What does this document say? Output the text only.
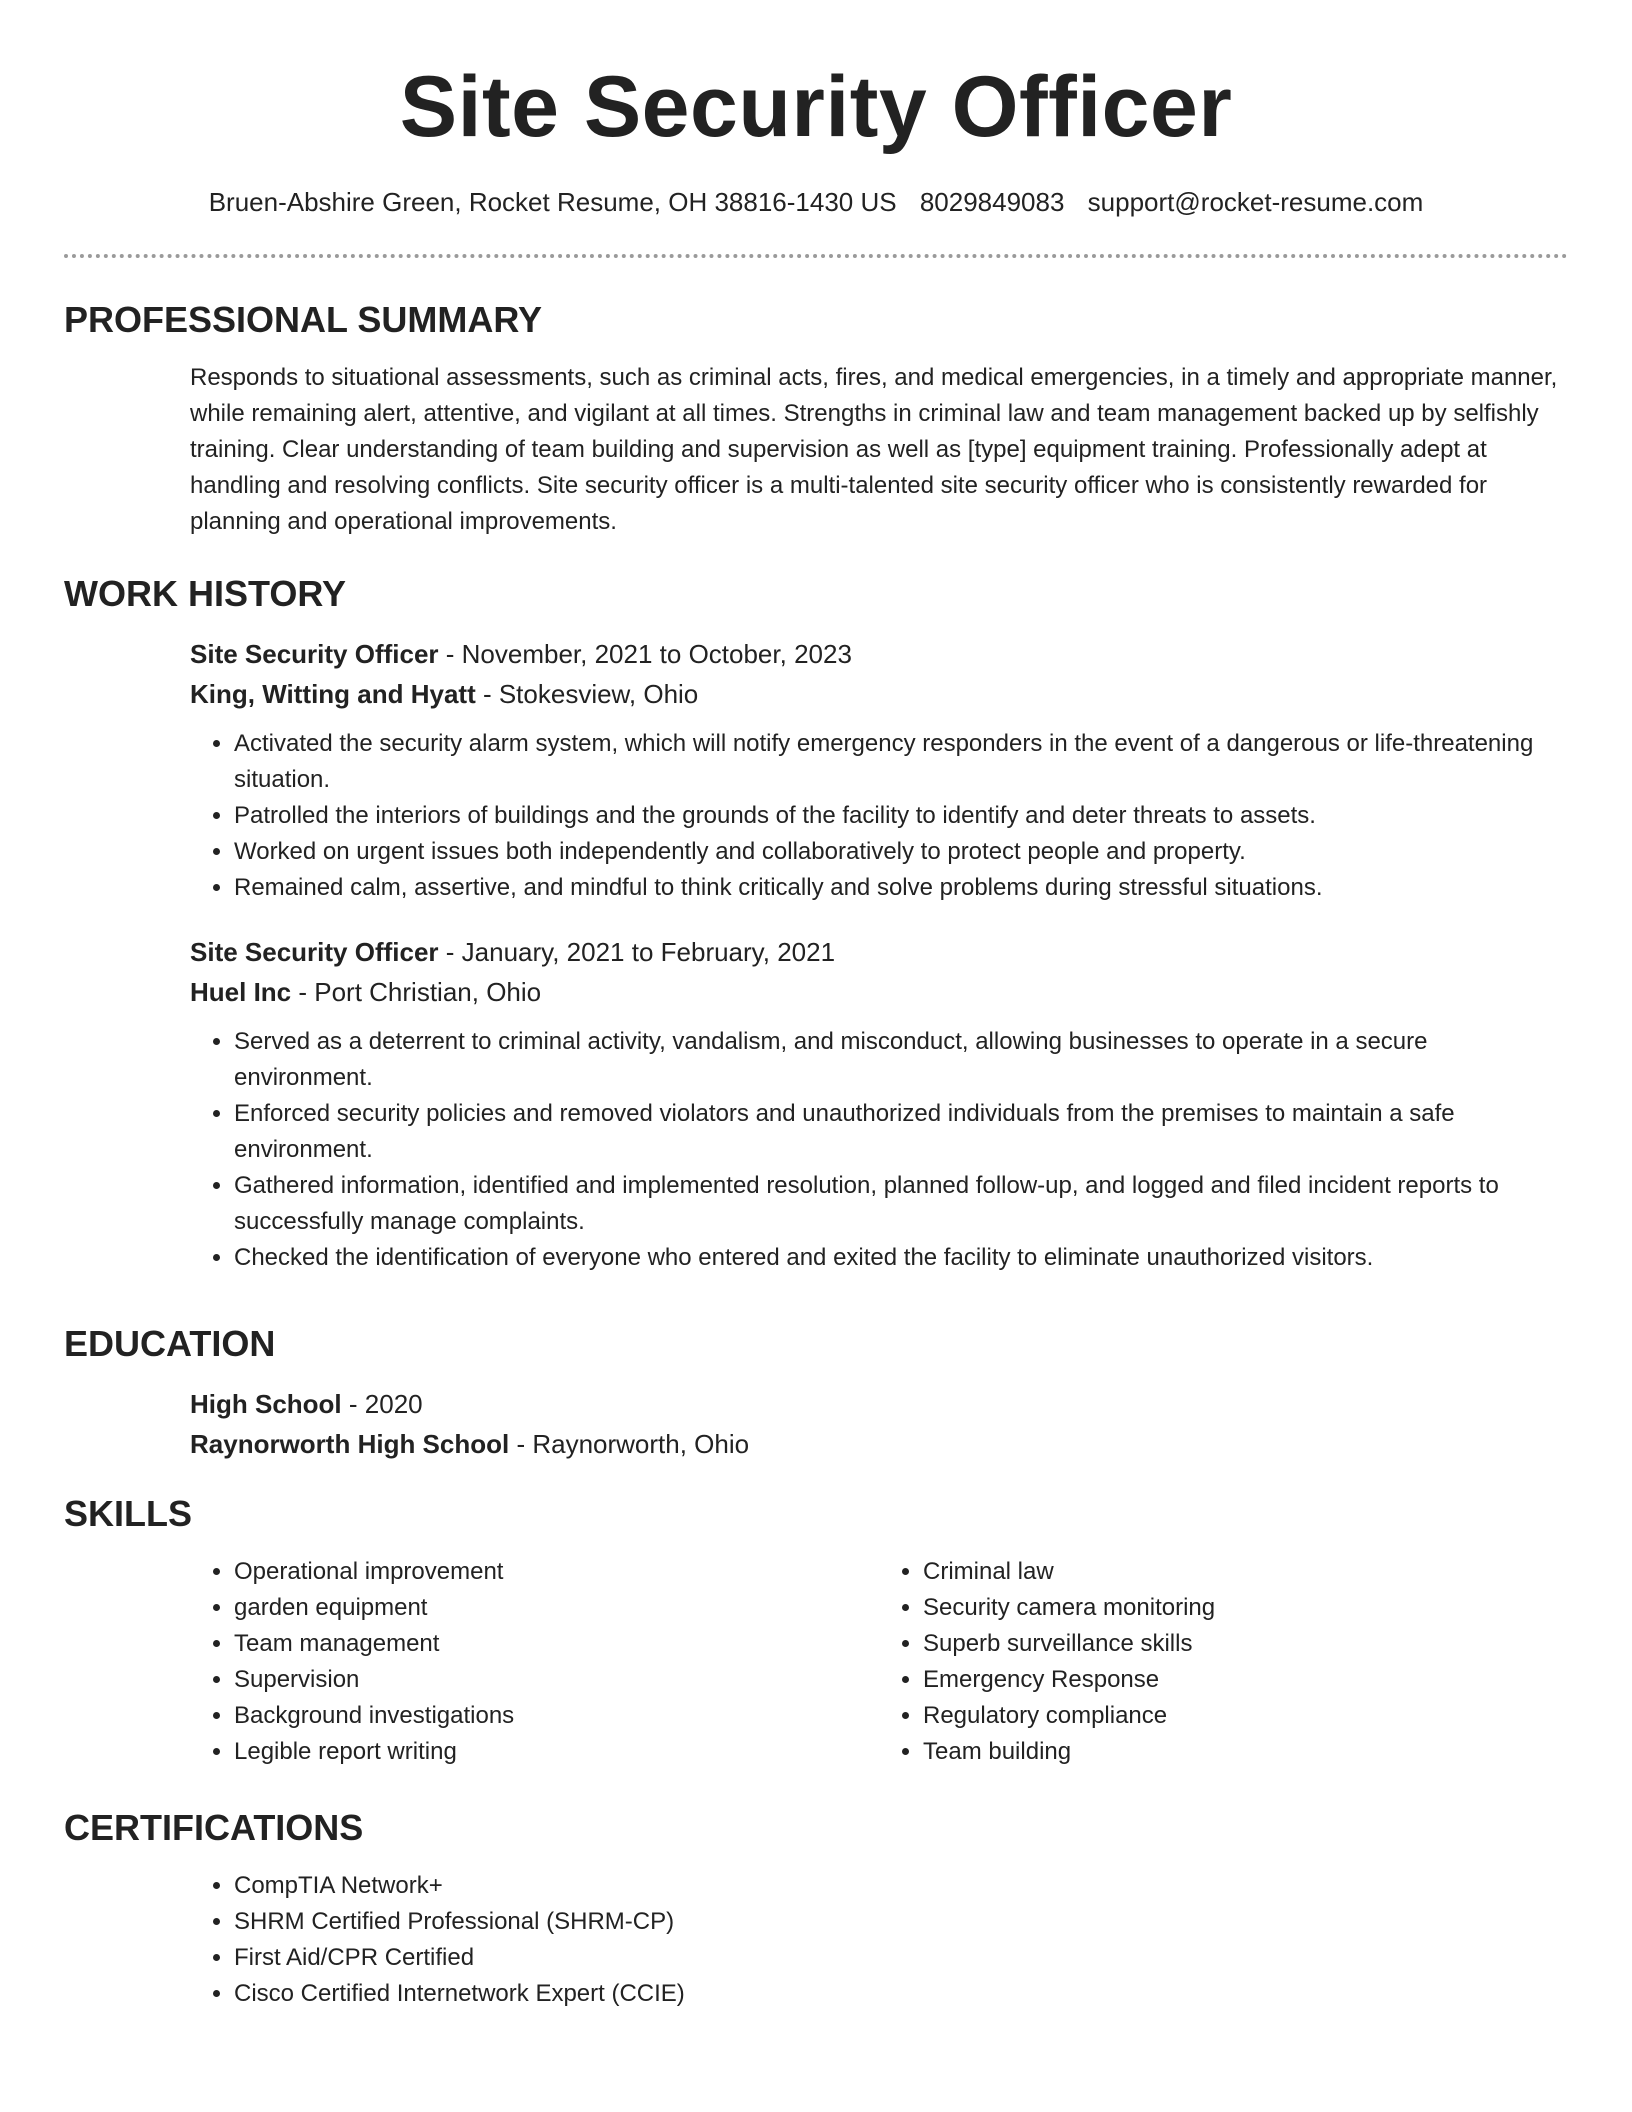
Site Security Officer
Bruen-Abshire Green, Rocket Resume, OH 38816-1430 US 8029849083 support@rocket-resume.com
PROFESSIONAL SUMMARY

Responds to situational assessments, such as criminal acts, fires, and medical emergencies, in a timely and appropriate manner, while remaining alert, attentive, and vigilant at all times. Strengths in criminal law and team management backed up by selfishly training. Clear understanding of team building and supervision as well as [type] equipment training. Professionally adept at handling and resolving conflicts. Site security officer is a multi-talented site security officer who is consistently rewarded for planning and operational improvements.

WORK HISTORY
Site Security Officer - November, 2021 to October, 2023
King, Witting and Hyatt - Stokesview, Ohio
• Activated the security alarm system, which will notify emergency responders in the event of a dangerous or life-threatening situation.
• Patrolled the interiors of buildings and the grounds of the facility to identify and deter threats to assets.
• Worked on urgent issues both independently and collaboratively to protect people and property.
• Remained calm, assertive, and mindful to think critically and solve problems during stressful situations.
Site Security Officer - January, 2021 to February, 2021
Huel Inc - Port Christian, Ohio
• Served as a deterrent to criminal activity, vandalism, and misconduct, allowing businesses to operate in a secure environment.
• Enforced security policies and removed violators and unauthorized individuals from the premises to maintain a safe environment.
• Gathered information, identified and implemented resolution, planned follow-up, and logged and filed incident reports to successfully manage complaints.
• Checked the identification of everyone who entered and exited the facility to eliminate unauthorized visitors.
EDUCATION
High School - 2020
Raynorworth High School - Raynorworth, Ohio
SKILLS
• Operational improvement
• garden equipment
• Team management
• Supervision
• Background investigations
• Legible report writing
• Criminal law
• Security camera monitoring
• Superb surveillance skills
• Emergency Response
• Regulatory compliance
• Team building
CERTIFICATIONS
• CompTIA Network+
• SHRM Certified Professional (SHRM-CP)
• First Aid/CPR Certified
• Cisco Certified Internetwork Expert (CCIE)
